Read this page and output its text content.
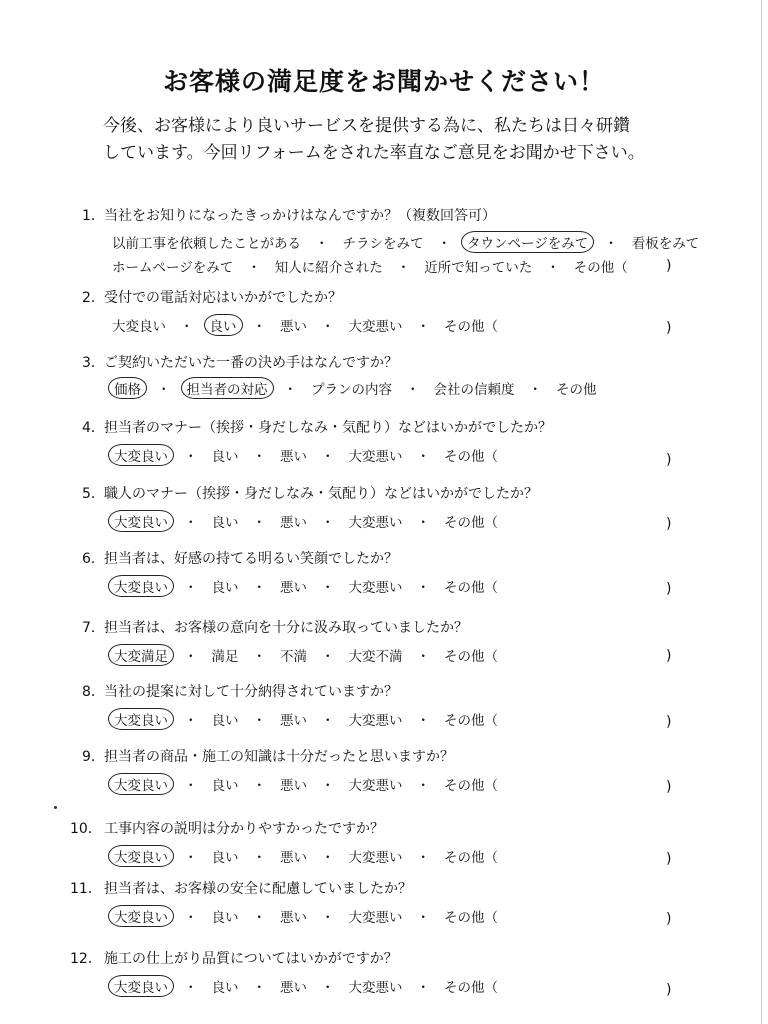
お客様の満足度をお聞かせください！
今後、お客様により良いサービスを提供する為に、私たちは日々研鑽
しています。今回リフォームをされた率直なご意見をお聞かせ下さい。
1．当社をお知りになったきっかけはなんですか？（複数回答可）
以前工事を依頼したことがある ・ チラシをみて ・ タウンページをみて ・ 看板をみて
ホームページをみて ・ 知人に紹介された ・ 近所で知っていた ・ その他（	)
2．受付での電話対応はいかがでしたか？
大変良い ・ 良い ・ 悪い ・ 大変悪い ・ その他（	)
3．ご契約いただいた一番の決め手はなんですか？
価格 ・ 担当者の対応 ・ プランの内容 ・ 会社の信頼度 ・ その他
4．担当者のマナー（挨拶・身だしなみ・気配り）などはいかがでしたか？
大変良い ・ 良い ・ 悪い ・ 大変悪い ・ その他（	)
5．職人のマナー（挨拶・身だしなみ・気配り）などはいかがでしたか？
大変良い ・ 良い ・ 悪い ・ 大変悪い ・ その他（	)
6．担当者は、好感の持てる明るい笑顔でしたか？
大変良い ・ 良い ・ 悪い ・ 大変悪い ・ その他（	)
7．担当者は、お客様の意向を十分に汲み取っていましたか？
大変満足 ・ 満足 ・ 不満 ・ 大変不満 ・ その他（	)
8．当社の提案に対して十分納得されていますか？
大変良い ・ 良い ・ 悪い ・ 大変悪い ・ その他（	)
9．担当者の商品・施工の知識は十分だったと思いますか？
大変良い ・ 良い ・ 悪い ・ 大変悪い ・ その他（	)
10． 工事内容の説明は分かりやすかったですか？
大変良い ・ 良い ・ 悪い ・ 大変悪い ・ その他（	)
11． 担当者は、お客様の安全に配慮していましたか？
大変良い ・ 良い ・ 悪い ・ 大変悪い ・ その他（	)
12． 施工の仕上がり品質についてはいかがですか？
大変良い ・ 良い ・ 悪い ・ 大変悪い ・ その他（	)
